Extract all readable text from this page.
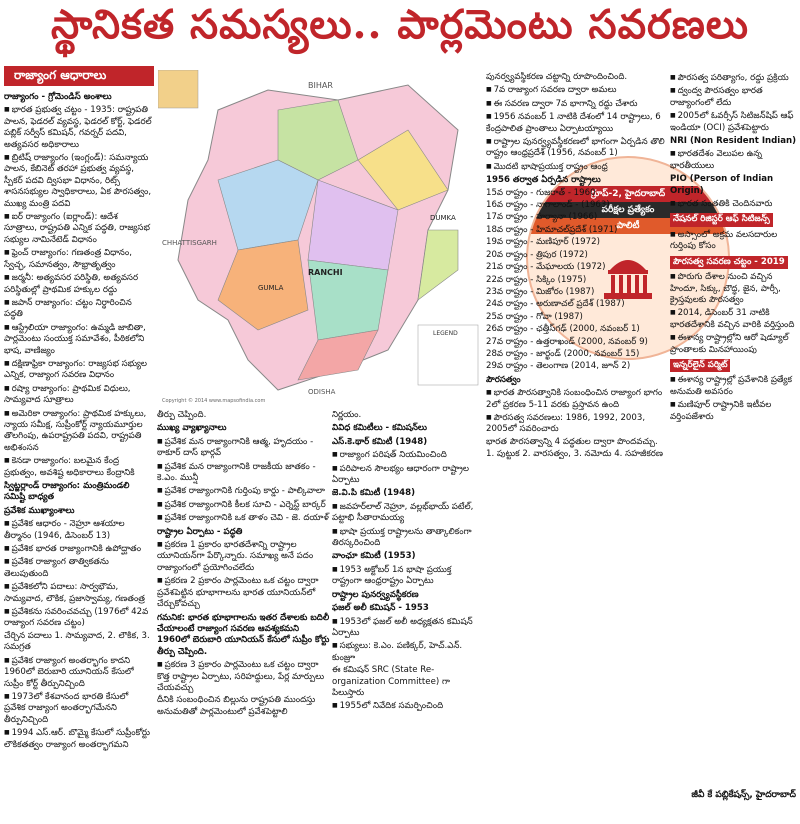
స్థానికత సమస్యలు.. పార్లమెంటు సవరణలు
రాజ్యాంగ ఆధారాలు

రాజ్యాంగం - గ్రోమెండిస్ అంశాలు

■ భారత ప్రభుత్వ చట్టం - 1935: రాష్ట్రపతి పాలన, ఫెడరల్ వ్యవస్థ, ఫెడరల్ కోర్ట్, ఫెడరల్ పబ్లిక్ సర్వీస్ కమిషన్, గవర్నర్ పదవి, అత్యవసర అధికారాలు

■ బ్రిటిష్ రాజ్యాంగం (ఇంగ్లండ్): సమన్యాయ పాలన, కేబినెట్ తరహా ప్రభుత్వ వ్యవస్థ, స్పీకర్ పదవి ద్విసభా విధానం, రిట్స్ శాసనసభ్యుల స్వాధికారాలు, ఏక పౌరసత్వం, ముఖ్య మంత్రి పదవి

■ ఐర్ రాజ్యాంగం (ఐర్లాండ్): ఆదేశ సూత్రాలు, రాష్ట్రపతి ఎన్నిక పద్ధతి, రాజ్యసభ సభ్యుల నామినేటెడ్ విధానం

■ ఫ్రెంచ్ రాజ్యాంగం: గణతంత్ర విధానం, స్వేచ్ఛ, సమానత్వం, సౌభ్రాతృత్వం

■ జర్మనీ: అత్యవసర పరిస్థితి, అత్యవసర పరిస్థితుల్లో ప్రాథమిక హక్కుల రద్దు

■ జపాన్ రాజ్యాంగం: చట్టం నిర్ధారించిన పద్ధతి

■ ఆస్ట్రేలియా రాజ్యాంగం: ఉమ్మడి జాబితా, పార్లమెంటు సంయుక్త సమావేశం, పీఠికలోని భాష, వాణిజ్యం

■ దక్షిణాఫ్రికా రాజ్యాంగం: రాజ్యసభ సభ్యుల ఎన్నిక, రాజ్యాంగ సవరణ విధానం

■ రష్యా రాజ్యాంగం: ప్రాథమిక విధులు, సామ్యవాద సూత్రాలు

■ అమెరికా రాజ్యాంగం: ప్రాథమిక హక్కులు, న్యాయ సమీక్ష, సుప్రీంకోర్ట్ న్యాయమూర్తుల తొలగింపు, ఉపరాష్ట్రపతి పదవి, రాష్ట్రపతి అభిశంసన

■ కెనడా రాజ్యాంగం: బలమైన కేంద్ర ప్రభుత్వం, అవశిష్ట అధికారాలు కేంద్రానికి

స్విట్జర్లాండ్ రాజ్యాంగం: మంత్రిమండలి సమిష్టి బాధ్యత

ప్రవేశిక ముఖ్యాంశాలు

■ ప్రవేశిక ఆధారం - నెహ్రూ ఆశయాల తీర్మానం (1946, డిసెంబర్ 13)

■ ప్రవేశిక భారత రాజ్యాంగానికి ఉపోద్ఘాతం

■ ప్రవేశిక రాజ్యాంగ తాత్వికతను తెలుపుతుంది

■ ప్రవేశికలోని పదాలు: సార్వభౌమ, సామ్యవాద, లౌకిక, ప్రజాస్వామ్య, గణతంత్ర

■ ప్రవేశికను సవరించవచ్చు (1976లో 42వ రాజ్యాంగ సవరణ చట్టం)

చేర్చిన పదాలు 1. సామ్యవాద, 2. లౌకిక, 3. సమగ్రత

■ ప్రవేశిక రాజ్యాంగ అంతర్భాగం కాదని 1960లో బెరుబారి యూనియన్ కేసులో సుప్రీం కోర్ట్ తీర్పునిచ్చింది

■ 1973లో కేశవానంద భారతి కేసులో ప్రవేశిక రాజ్యాంగ అంతర్భాగమేనని తీర్పునిచ్చింది

■ 1994 ఎస్.ఆర్. బొమ్మై కేసులో సుప్రీంకోర్టు లౌకికతత్వం రాజ్యాంగ అంతర్భాగమని

BIHAR
CHHATTISGARH
ODISHA
RANCHI
DUMKA
GUMLA
LEGEND
Copyright © 2014 www.mapsofindia.com
గ్రూప్-2, హైదరాబాద్
పరీక్షల ప్రత్యేకం
పాలిటీ

తీర్పు చెప్పింది.

ముఖ్య వ్యాఖ్యానాలు

■ ప్రవేశిక మన రాజ్యాంగానికి ఆత్మ, హృదయం - ఠాకూర్ దాస్ భార్గవ్

■ ప్రవేశిక మన రాజ్యాంగానికి రాజకీయ జాతకం - కె.ఎం. మున్షీ

■ ప్రవేశిక రాజ్యాంగానికి గుర్తింపు కార్డు - పాల్కివాలా

■ ప్రవేశిక రాజ్యాంగానికి కీలక సూచి - ఎర్నెస్ట్ బార్కర్

■ ప్రవేశిక రాజ్యాంగానికి ఒక తాళం చెవి - జె. దయాళ్

రాష్ట్రాల ఏర్పాటు - పద్ధతి

■ ప్రకరణ 1 ప్రకారం భారతదేశాన్ని రాష్ట్రాల యూనియన్‌గా పేర్కొన్నారు. సమాఖ్య అనే పదం రాజ్యాంగంలో ప్రయోగించలేదు

■ ప్రకరణ 2 ప్రకారం పార్లమెంటు ఒక చట్టం ద్వారా ప్రవేశపెట్టిన భూభాగాలను భారత యూనియన్‌లో చేర్చుకోవచ్చు

గమనిక: భారత భూభాగాలను ఇతర దేశాలకు బదిలీ చేయాలంటే రాజ్యాంగ సవరణ ఆవశ్యకమని 1960లో బెరుబారి యూనియన్ కేసులో సుప్రీం కోర్టు తీర్పు చెప్పింది.

■ ప్రకరణ 3 ప్రకారం పార్లమెంటు ఒక చట్టం ద్వారా కొత్త రాష్ట్రాల ఏర్పాటు, సరిహద్దులు, పేర్ల మార్పులు చేయవచ్చు

దీనికి సంబంధించిన బిల్లును రాష్ట్రపతి ముందస్తు అనుమతితో పార్లమెంటులో ప్రవేశపెట్టాలి

నిర్ణయం.

వివిధ కమిటీలు - కమిషన్‌లు

ఎస్.కె.థార్ కమిటీ (1948)

■ రాజ్యాంగ పరిషత్ నియమించింది

■ పరిపాలన సౌలభ్యం ఆధారంగా రాష్ట్రాల ఏర్పాటు

జె.వి.పి కమిటీ (1948)

■ జవహర్‌లాల్ నెహ్రూ, వల్లభ్‌భాయ్ పటేల్, పట్టాభి సీతారామయ్య

■ భాషా ప్రయుక్త రాష్ట్రాలను తాత్కాలికంగా తిరస్కరించింది

వాంఛూ కమిటీ (1953)

■ 1953 అక్టోబర్ 1న భాషా ప్రయుక్త రాష్ట్రంగా ఆంధ్రరాష్ట్రం ఏర్పాటు

రాష్ట్రాల పునర్వ్యవస్థీకరణ

ఫజల్ అలీ కమిషన్ - 1953

■ 1953లో ఫజల్ అలీ అధ్యక్షతన కమిషన్ ఏర్పాటు

■ సభ్యులు: కె.ఎం. పణిక్కర్, హెచ్.ఎన్. కుంజ్రూ

ఈ కమిషన్ SRC (State Re-organization Committee) గా పిలుస్తారు

■ 1955లో నివేదిక సమర్పించింది

పునర్వ్యవస్థీకరణ చట్టాన్ని రూపొందించింది.

■ 7వ రాజ్యాంగ సవరణ ద్వారా అమలు

■ ఈ సవరణ ద్వారా 7వ భాగాన్ని రద్దు చేశారు

■ 1956 నవంబర్ 1 నాటికి దేశంలో 14 రాష్ట్రాలు, 6 కేంద్రపాలిత ప్రాంతాలు ఏర్పాటయ్యాయి

■ రాష్ట్రాల పునర్వ్యవస్థీకరణలో భాగంగా ఏర్పడిన తొలి రాష్ట్రం ఆంధ్రప్రదేశ్ (1956, నవంబర్ 1)

■ మొదటి భాషాప్రయుక్త రాష్ట్రం ఆంధ్ర

1956 తర్వాత ఏర్పడిన రాష్ట్రాలు

15వ రాష్ట్రం - గుజరాత్ - 1960

16వ రాష్ట్రం - నాగాలాండ్ - (1963)

17వ రాష్ట్రం - హర్యానా (1966)

18వ రాష్ట్రం - హిమాచల్‌ప్రదేశ్ (1971)

19వ రాష్ట్రం - మణిపూర్ (1972)

20వ రాష్ట్రం - త్రిపుర (1972)

21వ రాష్ట్రం - మేఘాలయ (1972)

22వ రాష్ట్రం - సిక్కిం (1975)

23వ రాష్ట్రం - మిజోరం (1987)

24వ రాష్ట్రం - అరుణాచల్ ప్రదేశ్ (1987)

25వ రాష్ట్రం - గోవా (1987)

26వ రాష్ట్రం - ఛత్తీస్‌గఢ్ (2000, నవంబర్ 1)

27వ రాష్ట్రం - ఉత్తరాఖండ్ (2000, నవంబర్ 9)

28వ రాష్ట్రం - జార్ఖండ్ (2000, నవంబర్ 15)

29వ రాష్ట్రం - తెలంగాణ (2014, జూన్ 2)

పౌరసత్వం

■ భారత పౌరసత్వానికి సంబంధించిన రాజ్యాంగ భాగం 2లో ప్రకరణ 5-11 వరకు ప్రస్తావన ఉంది

■ పౌరసత్వ సవరణలు: 1986, 1992, 2003, 2005లో సవరించారు

భారత పౌరసత్వాన్ని 4 పద్ధతుల ద్వారా పొందవచ్చు.

1. పుట్టుక 2. వారసత్వం, 3. నమోదు 4. సహజీకరణ

■ పౌరసత్వ పరిత్యాగం, రద్దు ప్రక్రియ

■ ద్వంద్వ పౌరసత్వం భారత రాజ్యాంగంలో లేదు

■ 2005లో ఓవర్సీస్ సిటిజన్‌షిప్ ఆఫ్ ఇండియా (OCI) ప్రవేశపెట్టారు

NRI (Non Resident Indian)

■ భారతదేశం వెలుపల ఉన్న భారతీయులు

PIO (Person of Indian Origin)

■ భారత సంతతికి చెందినవారు

నేషనల్ రిజిస్టర్ ఆఫ్ సిటిజన్స్

■ అస్సాంలో అక్రమ వలసదారుల గుర్తింపు కోసం

పౌరసత్వ సవరణ చట్టం - 2019

■ పొరుగు దేశాల నుంచి వచ్చిన హిందూ, సిక్కు, బౌద్ధ, జైన, పార్సీ, క్రైస్తవులకు పౌరసత్వం

■ 2014, డిసెంబర్ 31 నాటికి భారతదేశానికి వచ్చిన వారికి వర్తిస్తుంది

■ ఈశాన్య రాష్ట్రాల్లోని ఆరో షెడ్యూల్ ప్రాంతాలకు మినహాయింపు

ఇన్నర్‌లైన్ పర్మిట్

■ ఈశాన్య రాష్ట్రాల్లో ప్రవేశానికి ప్రత్యేక అనుమతి అవసరం

■ మణిపూర్ రాష్ట్రానికి ఇటీవల వర్తింపజేశారు

జీవీ కే పబ్లికేషన్స్, హైదరాబాద్
